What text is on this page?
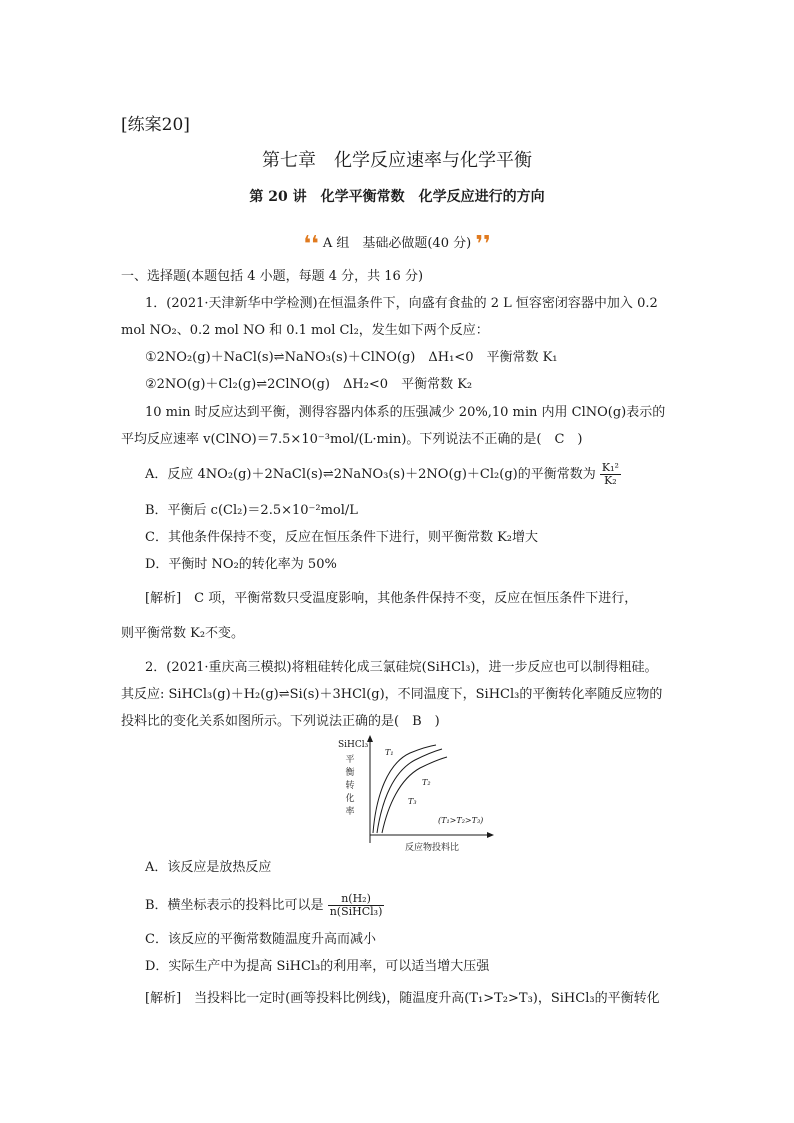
[练案20]
第七章　化学反应速率与化学平衡
第 20 讲　化学平衡常数　化学反应进行的方向
❛❛ A 组　基础必做题(40 分) ❜❜
一、选择题(本题包括 4 小题，每题 4 分，共 16 分)
1．(2021·天津新华中学检测)在恒温条件下，向盛有食盐的 2 L 恒容密闭容器中加入 0.2
mol NO₂、0.2 mol NO 和 0.1 mol Cl₂，发生如下两个反应：
①2NO₂(g)＋NaCl(s)⇌NaNO₃(s)＋ClNO(g)　ΔH₁<0　平衡常数 K₁
②2NO(g)＋Cl₂(g)⇌2ClNO(g)　ΔH₂<0　平衡常数 K₂
10 min 时反应达到平衡，测得容器内体系的压强减少 20%,10 min 内用 ClNO(g)表示的
平均反应速率 v(ClNO)＝7.5×10⁻³mol/(L·min)。下列说法不正确的是(　C　)
A．反应 4NO₂(g)＋2NaCl(s)⇌2NaNO₃(s)＋2NO(g)＋Cl₂(g)的平衡常数为 $\frac{\text{K₁²}}{\text{K₂}}$
B．平衡后 c(Cl₂)＝2.5×10⁻²mol/L
C．其他条件保持不变，反应在恒压条件下进行，则平衡常数 K₂增大
D．平衡时 NO₂的转化率为 50%
[解析]　C 项，平衡常数只受温度影响，其他条件保持不变，反应在恒压条件下进行，
则平衡常数 K₂不变。
2．(2021·重庆高三模拟)将粗硅转化成三氯硅烷(SiHCl₃)，进一步反应也可以制得粗硅。
其反应: SiHCl₃(g)＋H₂(g)⇌Si(s)＋3HCl(g)，不同温度下，SiHCl₃的平衡转化率随反应物的
投料比的变化关系如图所示。下列说法正确的是(　B　)
SiHCl₃
平
衡
转
化
率
T₁
T₂
T₃
(T₁>T₂>T₃)
反应物投料比
A．该反应是放热反应
B．横坐标表示的投料比可以是 $\frac{\text{n(H₂)}}{\text{n(SiHCl₃)}}$
C．该反应的平衡常数随温度升高而减小
D．实际生产中为提高 SiHCl₃的利用率，可以适当增大压强
[解析]　当投料比一定时(画等投料比例线)，随温度升高(T₁>T₂>T₃)，SiHCl₃的平衡转化
